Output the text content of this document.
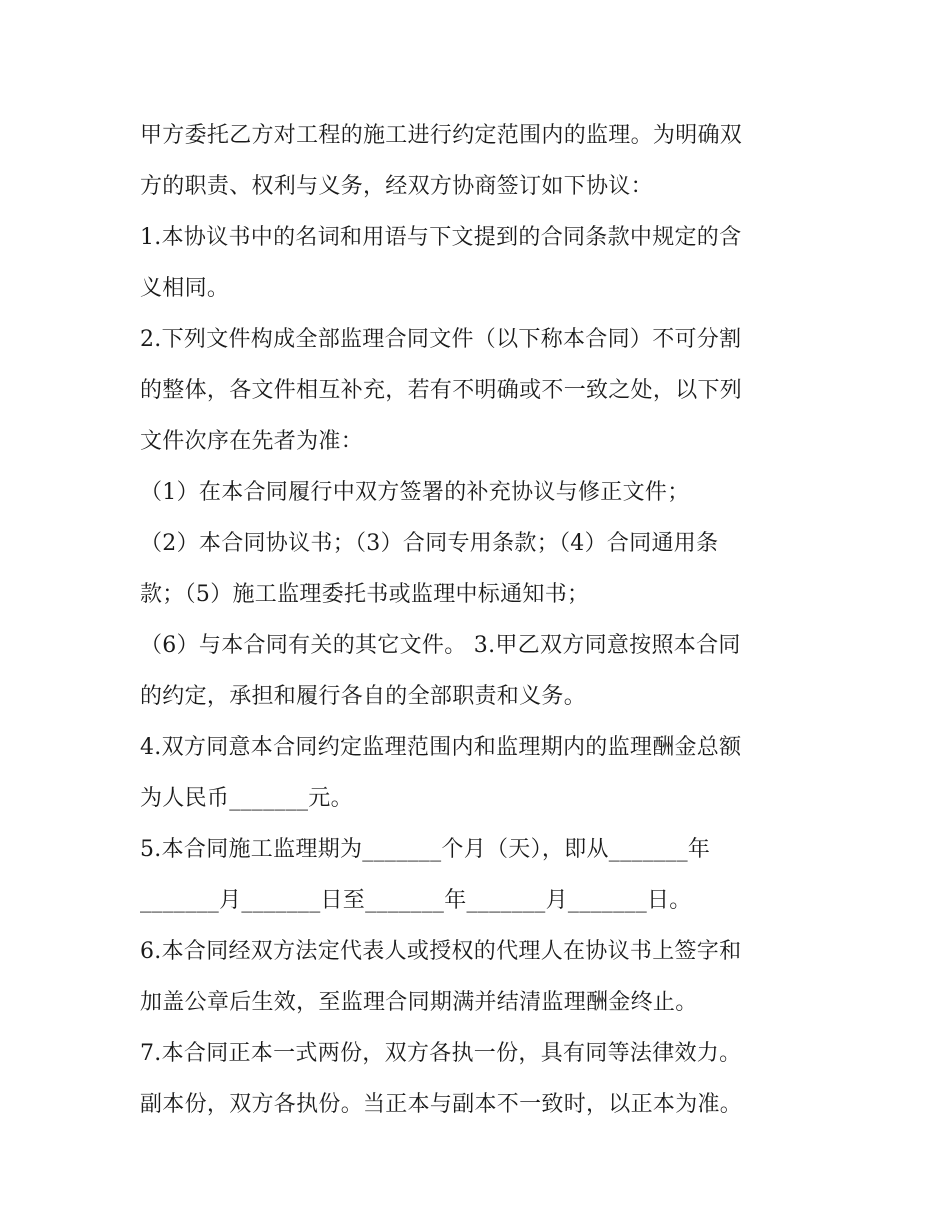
甲方委托乙方对工程的施工进行约定范围内的监理。为明确双
方的职责、权利与义务，经双方协商签订如下协议：
1.本协议书中的名词和用语与下文提到的合同条款中规定的含
义相同。
2.下列文件构成全部监理合同文件（以下称本合同）不可分割
的整体，各文件相互补充，若有不明确或不一致之处，以下列
文件次序在先者为准：
（1）在本合同履行中双方签署的补充协议与修正文件；
（2）本合同协议书；（3）合同专用条款；（4）合同通用条
款；（5）施工监理委托书或监理中标通知书；
（6）与本合同有关的其它文件。 3.甲乙双方同意按照本合同
的约定，承担和履行各自的全部职责和义务。
4.双方同意本合同约定监理范围内和监理期内的监理酬金总额
为人民币_______元。
5.本合同施工监理期为_______个月（天），即从_______年
_______月_______日至_______年_______月_______日。
6.本合同经双方法定代表人或授权的代理人在协议书上签字和
加盖公章后生效，至监理合同期满并结清监理酬金终止。
7.本合同正本一式两份，双方各执一份，具有同等法律效力。
副本份，双方各执份。当正本与副本不一致时，以正本为准。
